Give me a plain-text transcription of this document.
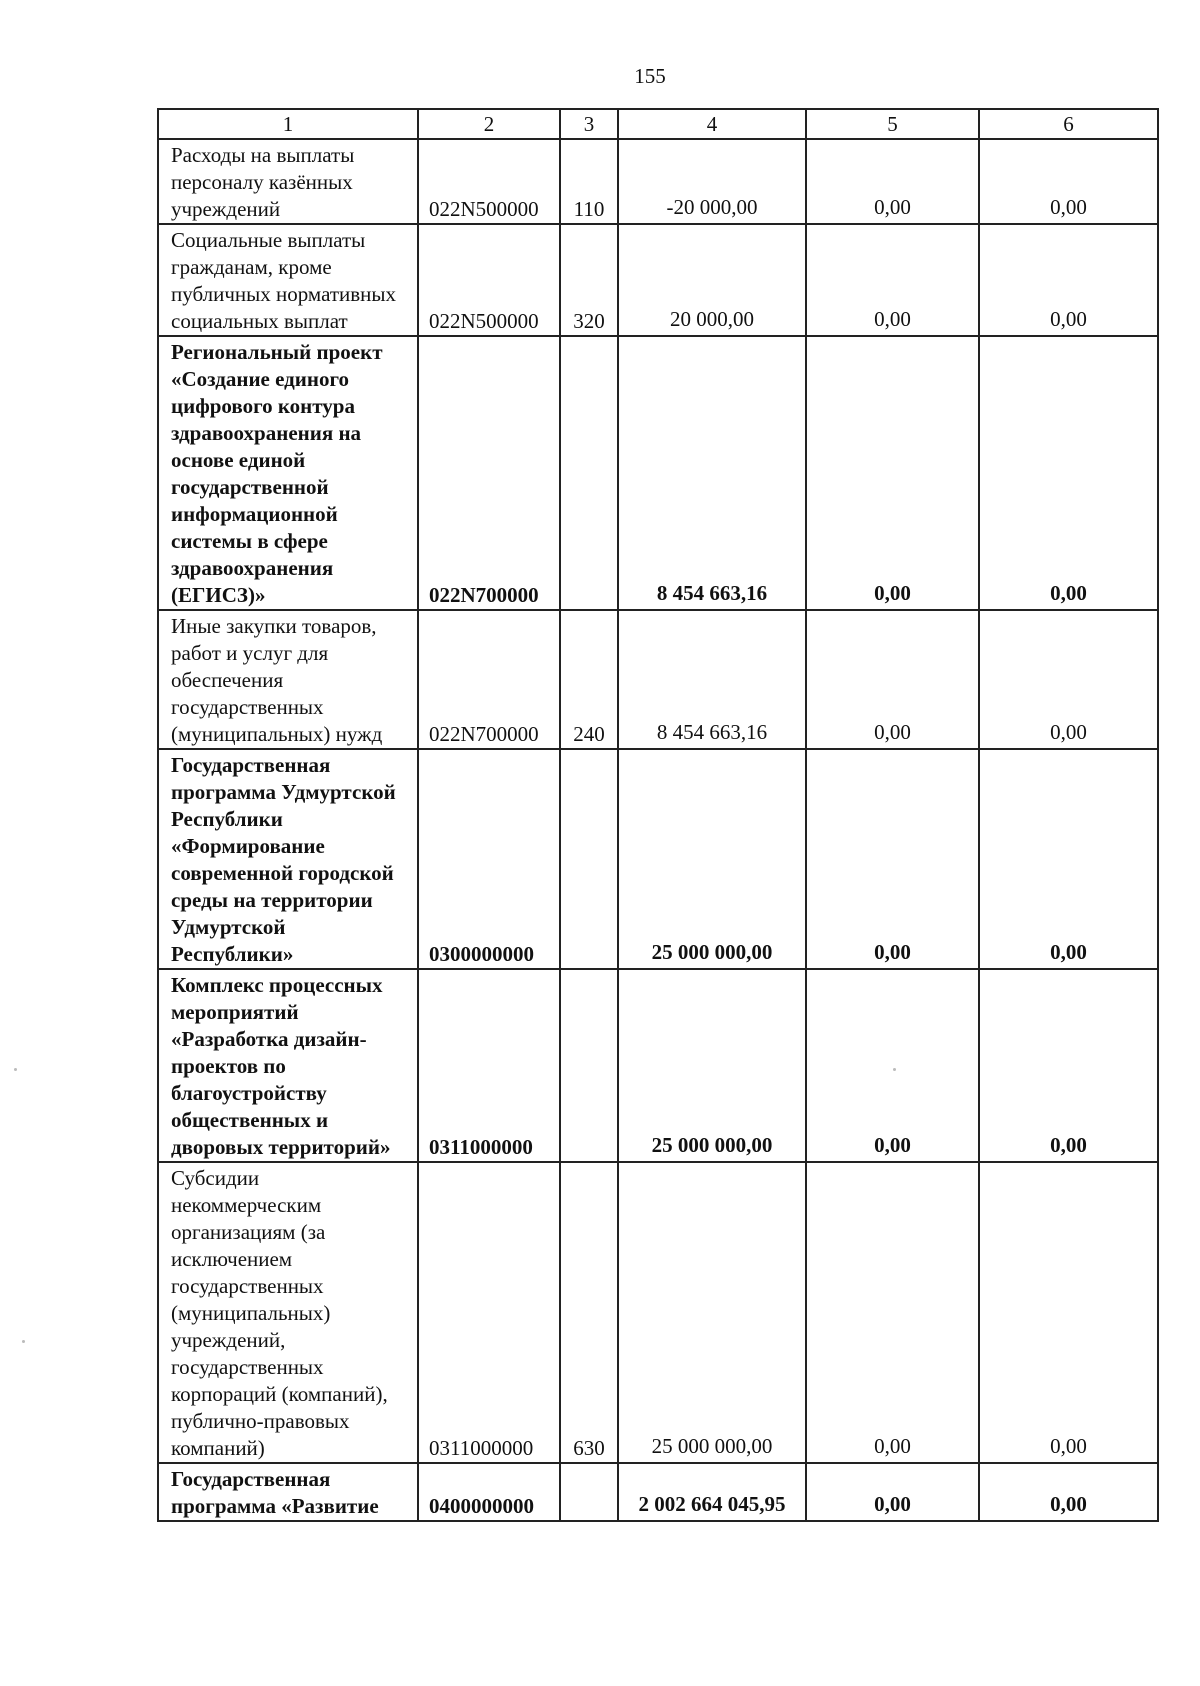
155
1	2	3	4	5	6
Расходы на выплаты персоналу казённых учреждений	022N500000	110	-20 000,00	0,00	0,00
Социальные выплаты гражданам, кроме публичных нормативных социальных выплат	022N500000	320	20 000,00	0,00	0,00
Региональный проект «Создание единого цифрового контура здравоохранения на основе единой государственной информационной системы в сфере здравоохранения (ЕГИСЗ)»	022N700000		8 454 663,16	0,00	0,00
Иные закупки товаров, работ и услуг для обеспечения государственных (муниципальных) нужд	022N700000	240	8 454 663,16	0,00	0,00
Государственная программа Удмуртской Республики «Формирование современной городской среды на территории Удмуртской Республики»	0300000000		25 000 000,00	0,00	0,00
Комплекс процессных мероприятий «Разработка дизайн-проектов по благоустройству общественных и дворовых территорий»	0311000000		25 000 000,00	0,00	0,00
Субсидии некоммерческим организациям (за исключением государственных (муниципальных) учреждений, государственных корпораций (компаний), публично-правовых компаний)	0311000000	630	25 000 000,00	0,00	0,00
Государственная программа «Развитие	0400000000		2 002 664 045,95	0,00	0,00
